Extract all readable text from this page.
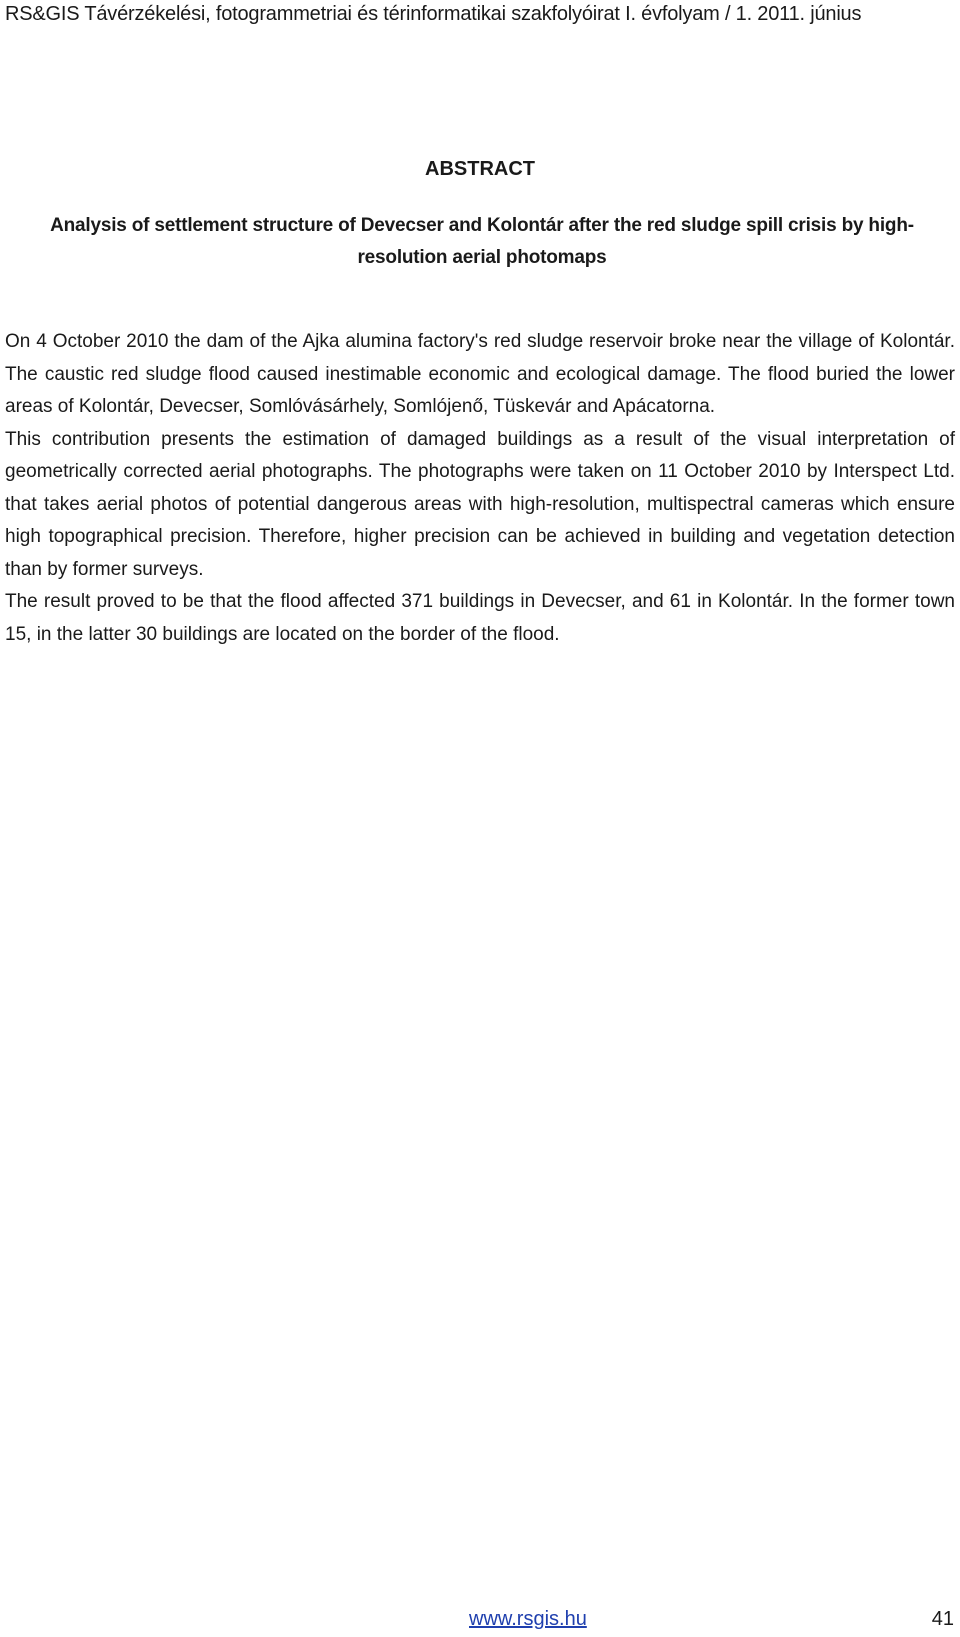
RS&GIS Távérzékelési, fotogrammetriai és térinformatikai szakfolyóirat I. évfolyam / 1. 2011. június
ABSTRACT
Analysis of settlement structure of Devecser and Kolontár after the red sludge spill crisis by high-resolution aerial photomaps

On 4 October 2010 the dam of the Ajka alumina factory's red sludge reservoir broke near the village of Kolontár. The caustic red sludge flood caused inestimable economic and ecological damage. The flood buried the lower areas of Kolontár, Devecser, Somlóvásárhely, Somlójenő, Tüskevár and Apácatorna.

This contribution presents the estimation of damaged buildings as a result of the visual interpretation of geometrically corrected aerial photographs. The photographs were taken on 11 October 2010 by Interspect Ltd. that takes aerial photos of potential dangerous areas with high-resolution, multispectral cameras which ensure high topographical precision. Therefore, higher precision can be achieved in building and vegetation detection than by former surveys.

The result proved to be that the flood affected 371 buildings in Devecser, and 61 in Kolontár. In the former town 15, in the latter 30 buildings are located on the border of the flood.

www.rsgis.hu	41
